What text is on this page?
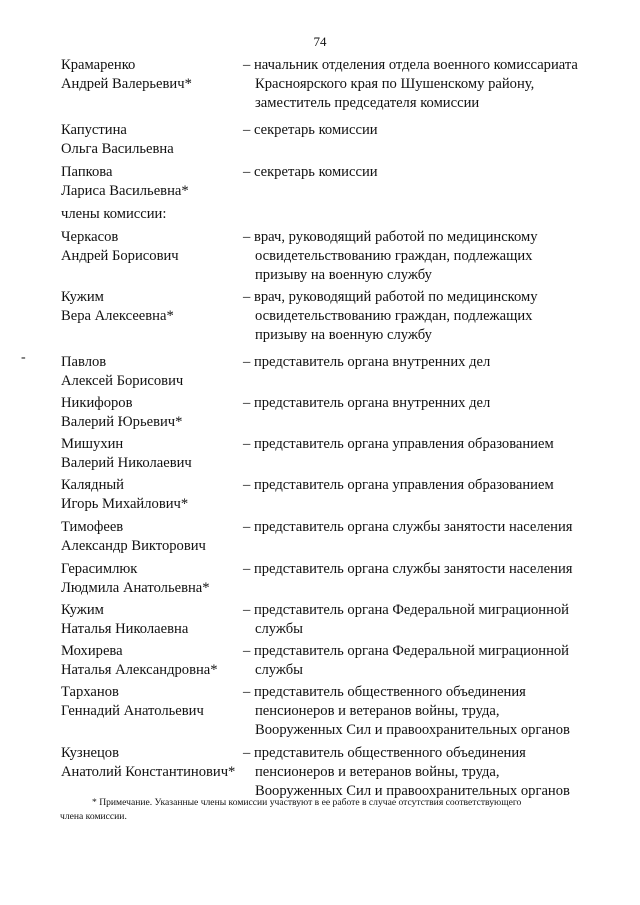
74
Крамаренко
Андрей Валерьевич*
– начальник отделения отдела военного комиссариата
Красноярского края по Шушенскому району,
заместитель председателя комиссии
Капустина
Ольга Васильевна
– секретарь комиссии
Папкова
Лариса Васильевна*
– секретарь комиссии
члены комиссии:
Черкасов
Андрей Борисович
– врач, руководящий работой по медицинскому
освидетельствованию граждан, подлежащих
призыву на военную службу
Кужим
Вера Алексеевна*
– врач, руководящий работой по медицинскому
освидетельствованию граждан, подлежащих
призыву на военную службу
- Павлов
Алексей Борисович
– представитель органа внутренних дел
Никифоров
Валерий Юрьевич*
– представитель органа внутренних дел
Мишухин
Валерий Николаевич
– представитель органа управления образованием
Калядный
Игорь Михайлович*
– представитель органа управления образованием
Тимофеев
Александр Викторович
– представитель органа службы занятости населения
Герасимлюк
Людмила Анатольевна*
– представитель органа службы занятости населения
Кужим
Наталья Николаевна
– представитель органа Федеральной миграционной
службы
Мохирева
Наталья Александровна*
– представитель органа Федеральной миграционной
службы
Тарханов
Геннадий Анатольевич
– представитель общественного объединения
пенсионеров и ветеранов войны, труда,
Вооруженных Сил и правоохранительных органов
Кузнецов
Анатолий Константинович*
– представитель общественного объединения
пенсионеров и ветеранов войны, труда,
Вооруженных Сил и правоохранительных органов
* Примечание. Указанные члены комиссии участвуют в ее работе в случае отсутствия соответствующего
члена комиссии.
